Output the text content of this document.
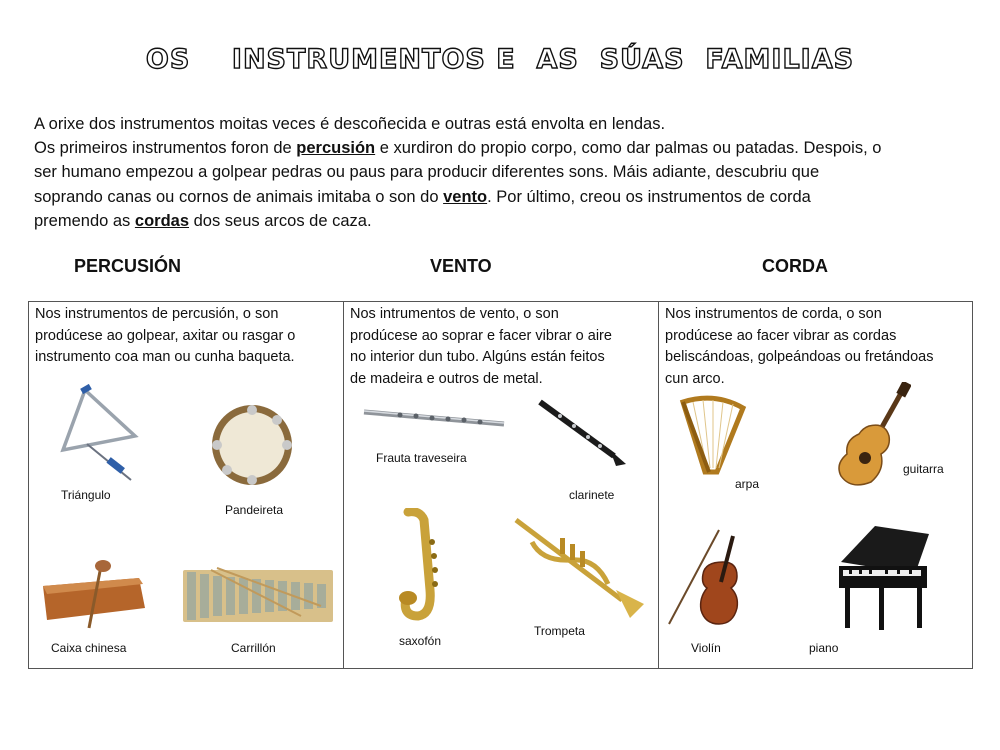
OS    INSTRUMENTOS E  AS  SÚAS  FAMILIAS
A orixe dos instrumentos moitas veces é descoñecida e outras está envolta en lendas.
Os primeiros instrumentos foron de percusión e xurdiron do propio corpo, como dar palmas ou patadas. Despois, o
ser humano empezou a golpear pedras ou paus para producir diferentes sons. Máis adiante, descubriu que
soprando canas ou cornos de animais imitaba o son do vento. Por último, creou os instrumentos de corda
premendo as cordas dos seus arcos de caza.
PERCUSIÓN	VENTO	CORDA
Nos instrumentos de percusión, o son
prodúcese ao golpear, axitar ou rasgar o
instrumento coa man ou cunha baqueta.
Triángulo
Pandeireta
Caixa chinesa	Carrillón
Nos intrumentos de vento, o son
prodúcese ao soprar e facer vibrar o aire
no interior dun tubo. Algúns están feitos
de madeira e outros de metal.
Frauta traveseira
clarinete
saxofón
Trompeta
Nos instrumentos de corda, o son
prodúcese ao facer vibrar as cordas
beliscándoas, golpeándoas ou fretándoas
cun arco.
arpa
guitarra
Violín	piano
